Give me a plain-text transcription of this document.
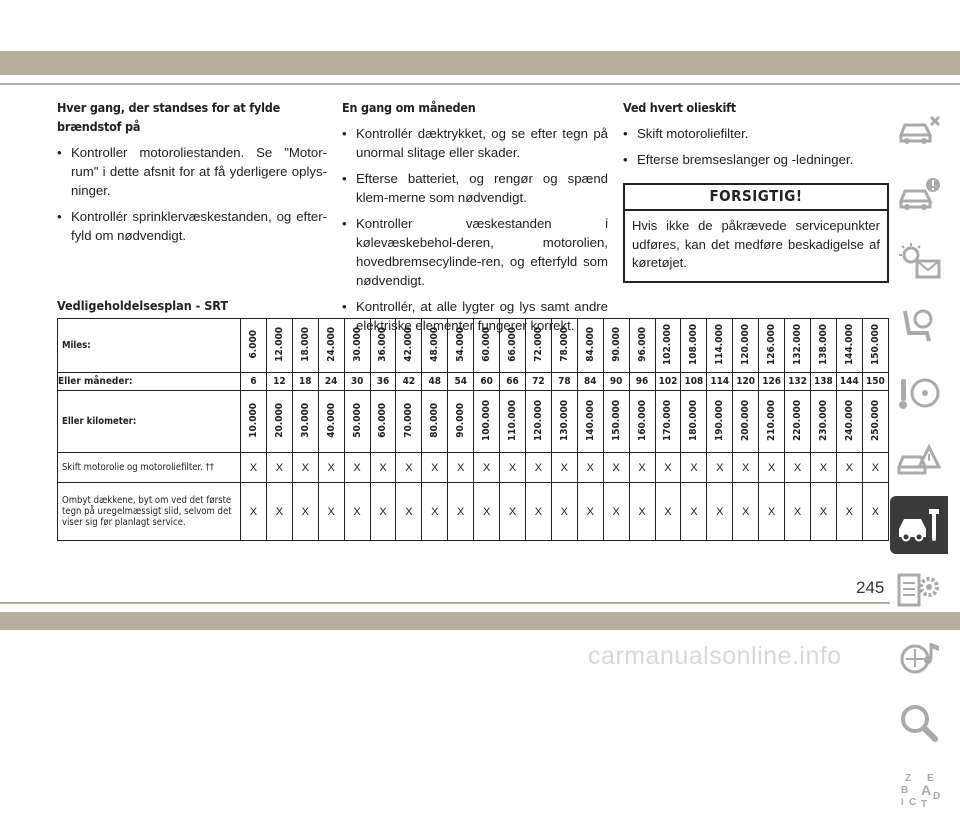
Hver gang, der standses for at fylde brændstof på
• Kontroller motoroliestanden. Se "Motor-rum" i dette afsnit for at få yderligere oplys-ninger.
• Kontrollér sprinklervæskestanden, og efter-fyld om nødvendigt.
En gang om måneden
• Kontrollér dæktrykket, og se efter tegn på unormal slitage eller skader.
• Efterse batteriet, og rengør og spænd klem-merne som nødvendigt.
• Kontroller væskestanden i kølevæskebehol-deren, motorolien, hovedbremsecylinde-ren, og efterfyld som nødvendigt.
• Kontrollér, at alle lygter og lys samt andre elektriske elementer fungerer korrekt.
Ved hvert olieskift
• Skift motoroliefilter.
• Efterse bremseslanger og -ledninger.
FORSIGTIG!
Hvis ikke de påkrævede servicepunkter udføres, kan det medføre beskadigelse af køretøjet.
Vedligeholdelsesplan - SRT
Miles:	6.000	12.000	18.000	24.000	30.000	36.000	42.000	48.000	54.000	60.000	66.000	72.000	78.000	84.000	90.000	96.000	102.000	108.000	114.000	120.000	126.000	132.000	138.000	144.000	150.000
Eller måneder:	6	12	18	24	30	36	42	48	54	60	66	72	78	84	90	96	102	108	114	120	126	132	138	144	150
Eller kilometer:	10.000	20.000	30.000	40.000	50.000	60.000	70.000	80.000	90.000	100.000	110.000	120.000	130.000	140.000	150.000	160.000	170.000	180.000	190.000	200.000	210.000	220.000	230.000	240.000	250.000
Skift motorolie og motoroliefilter. ††	X	X	X	X	X	X	X	X	X	X	X	X	X	X	X	X	X	X	X	X	X	X	X	X	X
Ombyt dækkene, byt om ved det første tegn på uregelmæssigt slid, selvom det viser sig før planlagt service.	X	X	X	X	X	X	X	X	X	X	X	X	X	X	X	X	X	X	X	X	X	X	X	X	X
Z E
B A
C
D
I T
245
carmanualsonline.info
